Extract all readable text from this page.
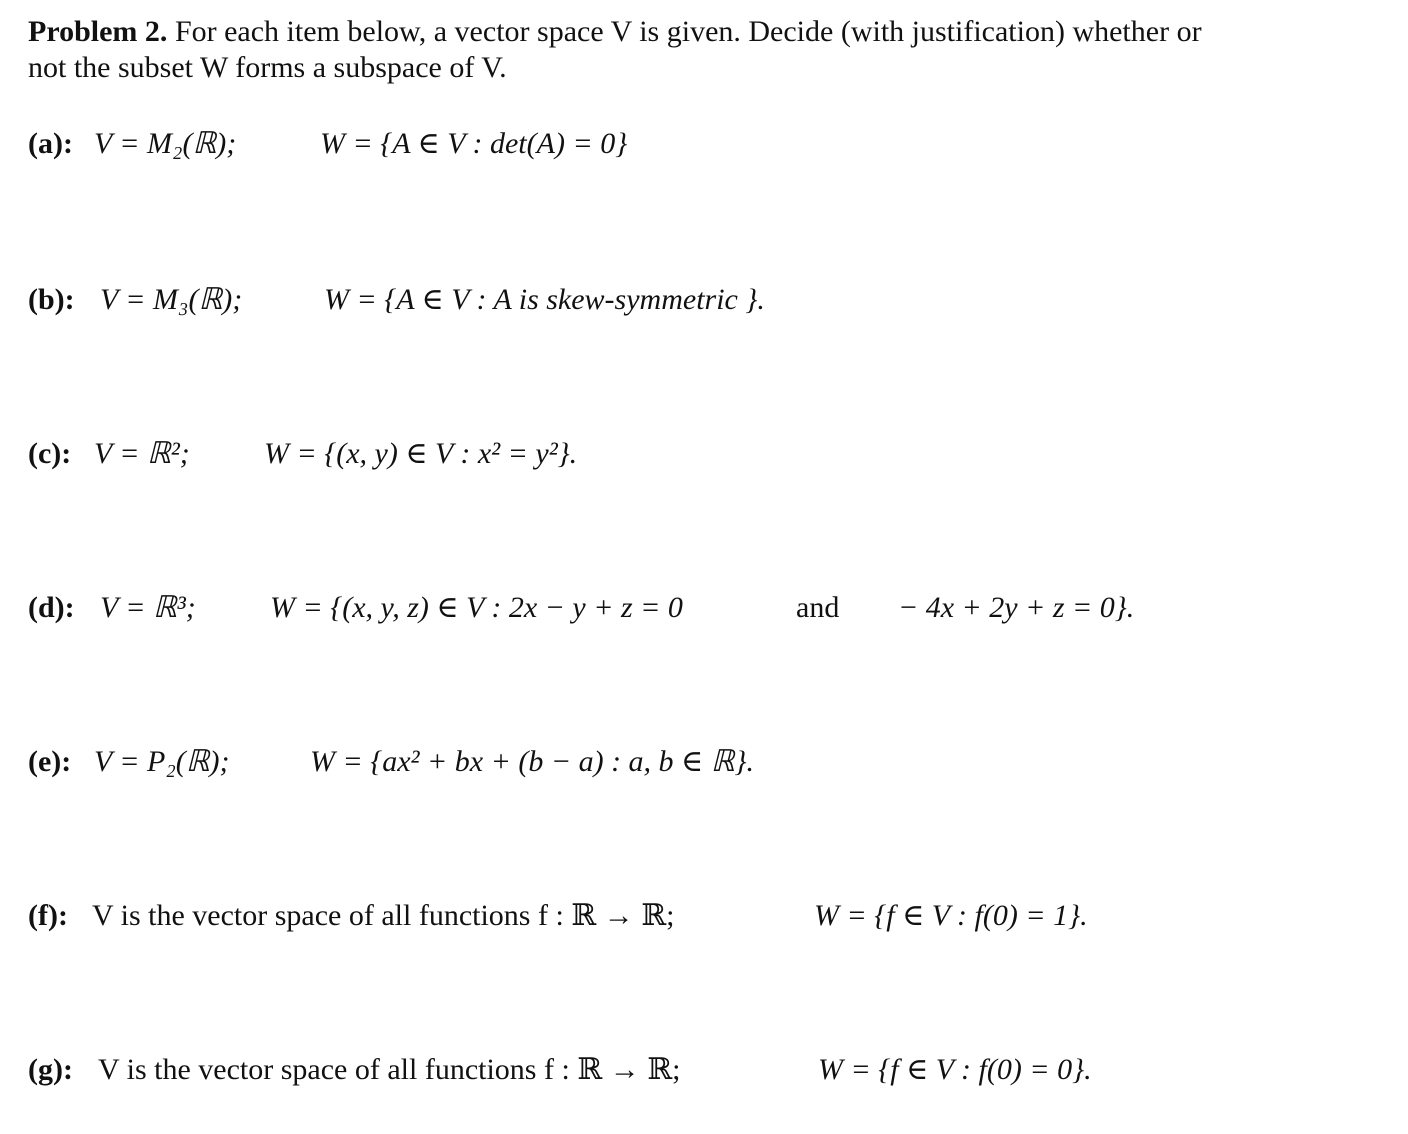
Problem 2. For each item below, a vector space V is given. Decide (with justification) whether or
not the subset W forms a subspace of V.
(a): V = M₂(ℝ);	W = {A ∈ V : det(A) = 0}
(b): V = M₃(ℝ);	W = {A ∈ V : A is skew-symmetric }.
(c): V = ℝ²; W = {(x, y) ∈ V : x² = y²}.
(d): V = ℝ³; W = {(x, y, z) ∈ V : 2x − y + z = 0	and − 4x + 2y + z = 0}.
(e): V = P₂(ℝ);	W = {ax² + bx + (b − a) : a, b ∈ ℝ}.
(f): V is the vector space of all functions f : ℝ → ℝ;	W = {f ∈ V : f(0) = 1}.
(g): V is the vector space of all functions f : ℝ → ℝ;	W = {f ∈ V : f(0) = 0}.
